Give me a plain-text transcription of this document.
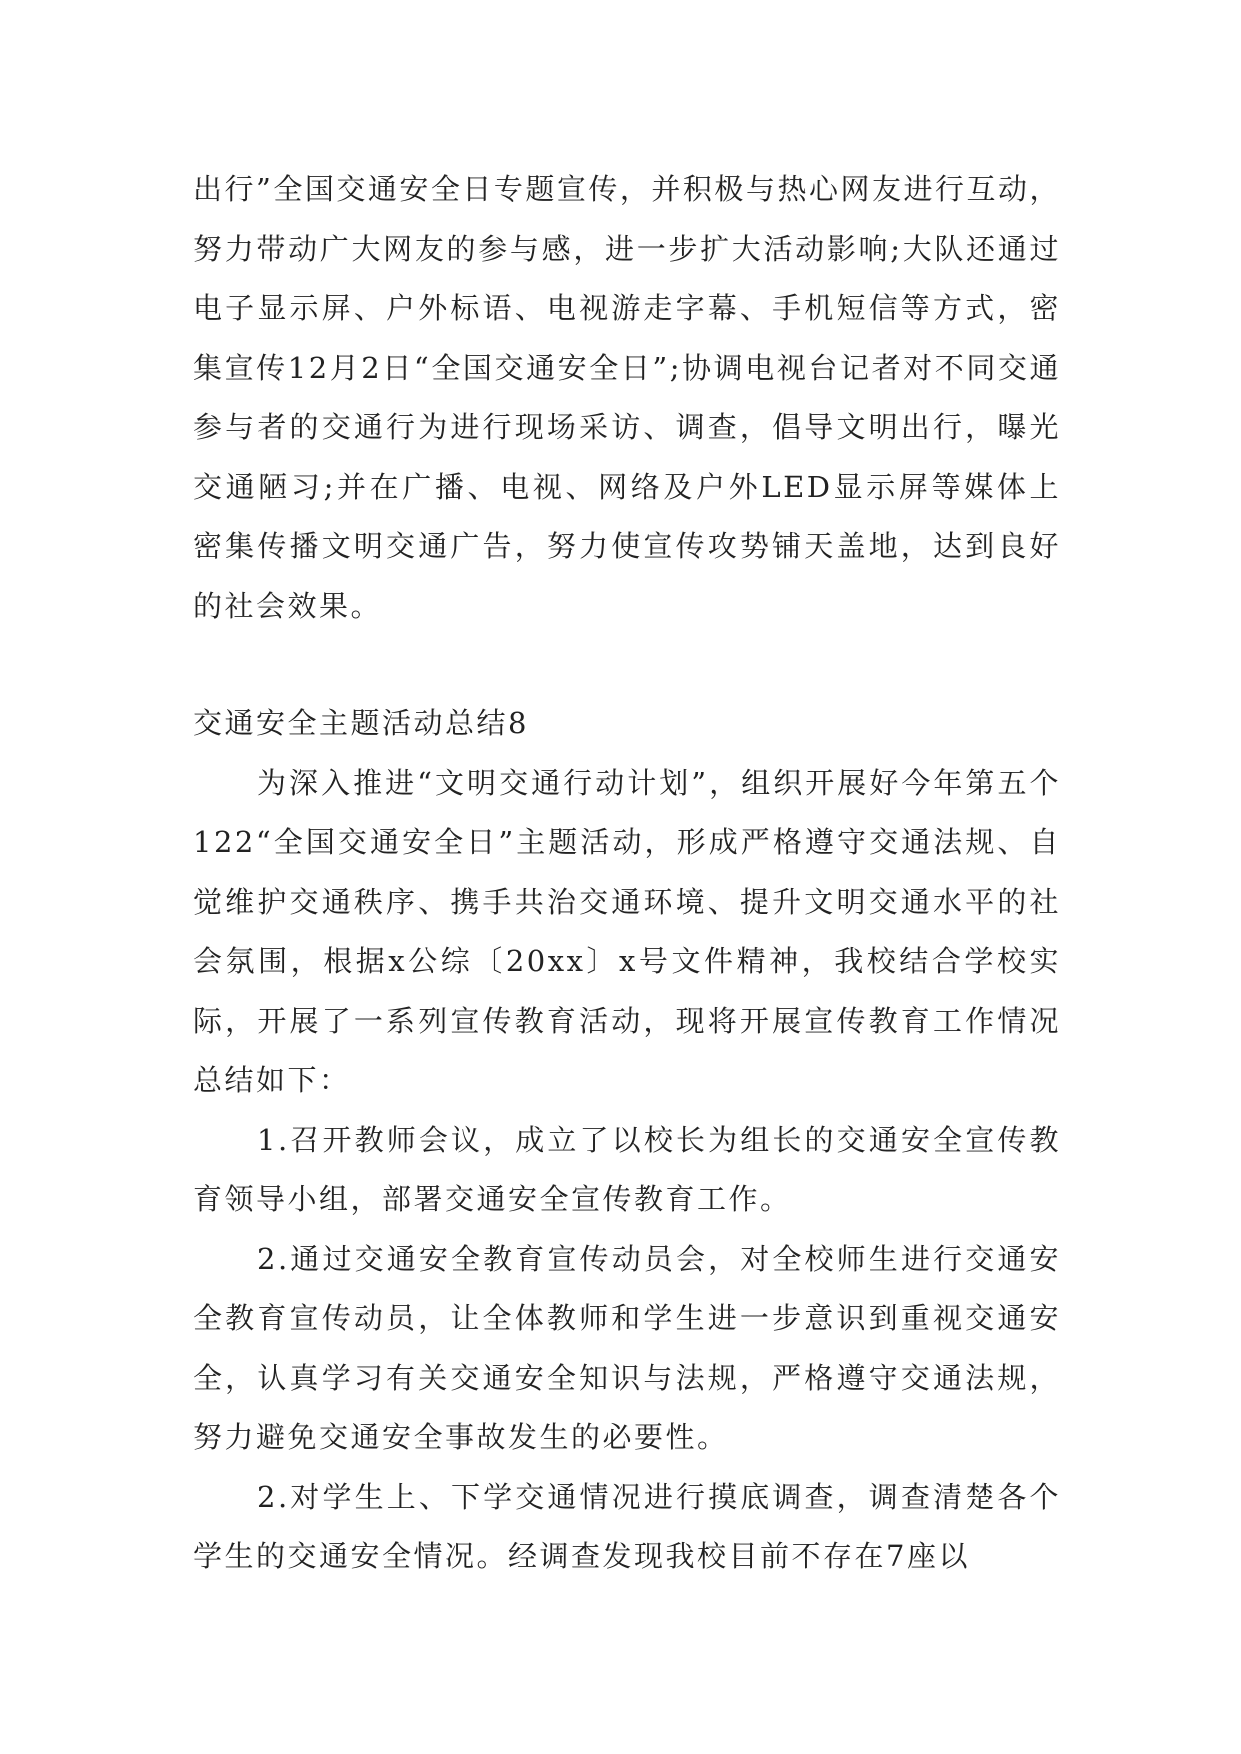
出行”全国交通安全日专题宣传，并积极与热心网友进行互动，努力带动广大网友的参与感，进一步扩大活动影响;大队还通过电子显示屏、户外标语、电视游走字幕、手机短信等方式，密集宣传12月2日“全国交通安全日”;协调电视台记者对不同交通参与者的交通行为进行现场采访、调查，倡导文明出行，曝光交通陋习;并在广播、电视、网络及户外LED显示屏等媒体上密集传播文明交通广告，努力使宣传攻势铺天盖地，达到良好的社会效果。

交通安全主题活动总结8

为深入推进“文明交通行动计划”，组织开展好今年第五个122“全国交通安全日”主题活动，形成严格遵守交通法规、自觉维护交通秩序、携手共治交通环境、提升文明交通水平的社会氛围，根据x公综〔20xx〕x号文件精神，我校结合学校实际，开展了一系列宣传教育活动，现将开展宣传教育工作情况总结如下：

1.召开教师会议，成立了以校长为组长的交通安全宣传教育领导小组，部署交通安全宣传教育工作。

2.通过交通安全教育宣传动员会，对全校师生进行交通安全教育宣传动员，让全体教师和学生进一步意识到重视交通安全，认真学习有关交通安全知识与法规，严格遵守交通法规，努力避免交通安全事故发生的必要性。

2.对学生上、下学交通情况进行摸底调查，调查清楚各个学生的交通安全情况。经调查发现我校目前不存在7座以
